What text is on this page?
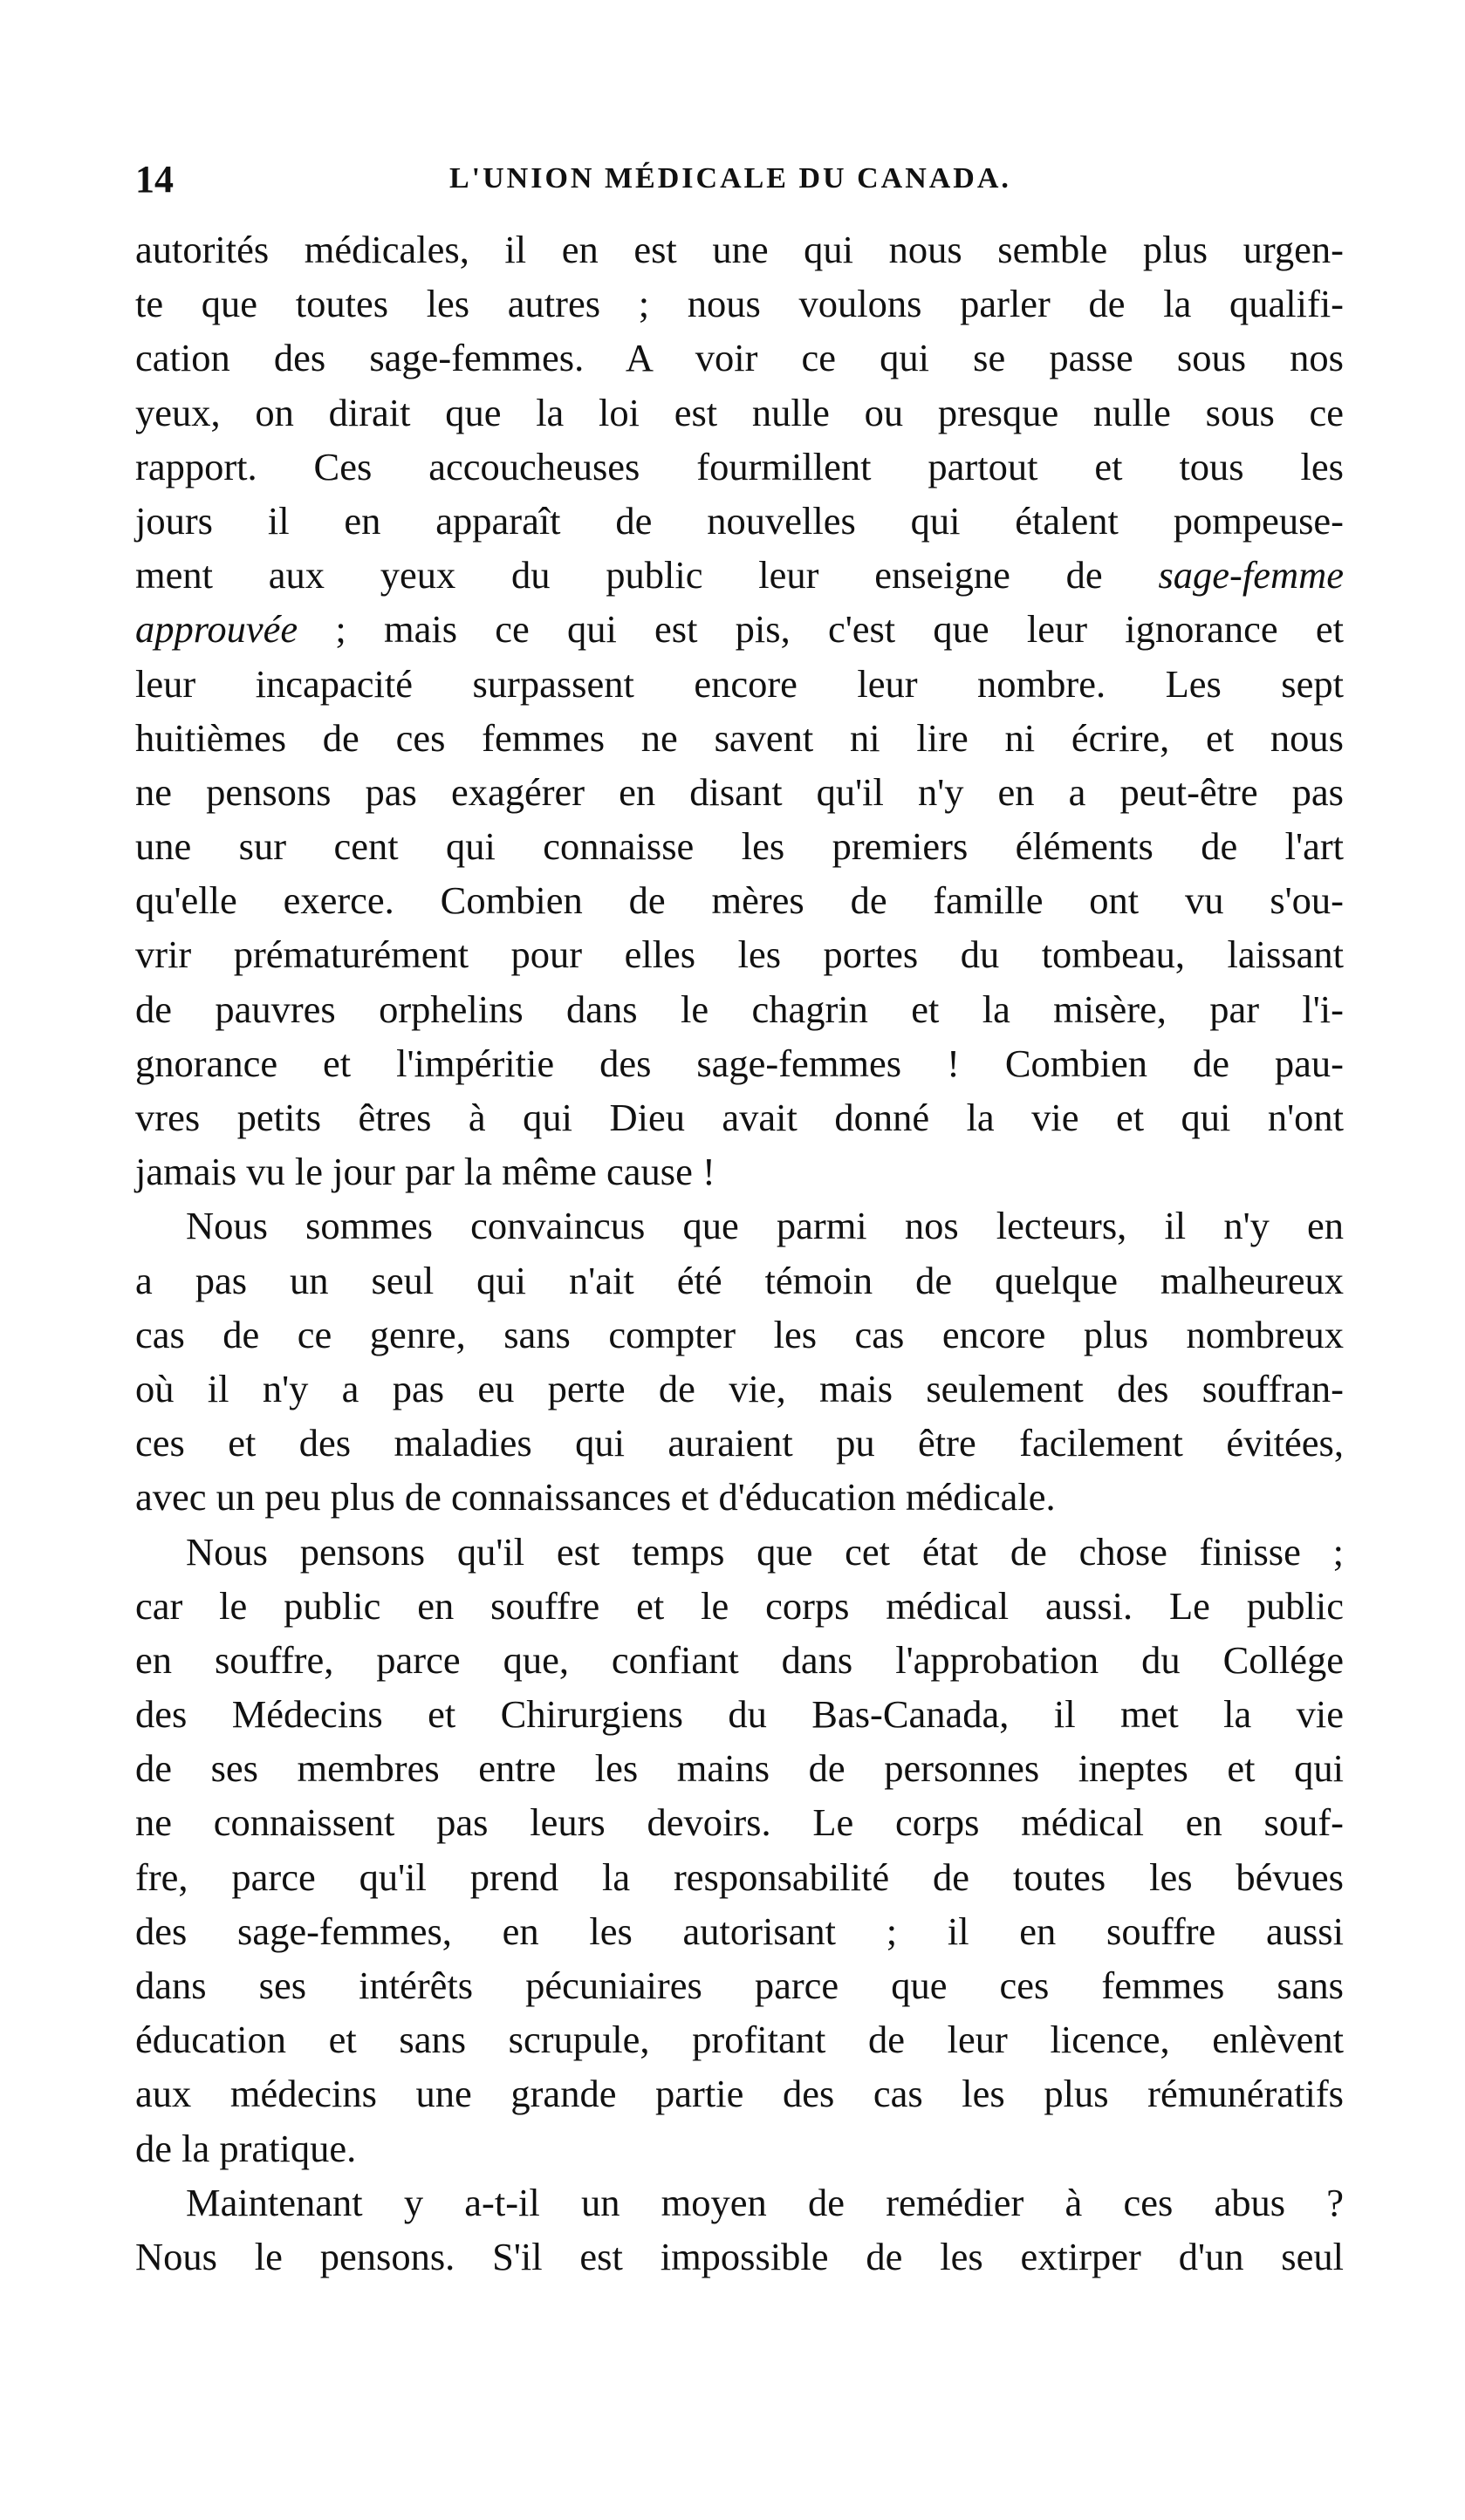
14	L'UNION MÉDICALE DU CANADA.
autorités médicales, il en est une qui nous semble plus urgen-
te que toutes les autres ; nous voulons parler de la qualifi-
cation des sage-femmes. A voir ce qui se passe sous nos
yeux, on dirait que la loi est nulle ou presque nulle sous ce
rapport. Ces accoucheuses fourmillent partout et tous les
jours il en apparaît de nouvelles qui étalent pompeuse-
ment aux yeux du public leur enseigne de sage-femme
approuvée ; mais ce qui est pis, c'est que leur ignorance et
leur incapacité surpassent encore leur nombre. Les sept
huitièmes de ces femmes ne savent ni lire ni écrire, et nous
ne pensons pas exagérer en disant qu'il n'y en a peut-être pas
une sur cent qui connaisse les premiers éléments de l'art
qu'elle exerce. Combien de mères de famille ont vu s'ou-
vrir prématurément pour elles les portes du tombeau, laissant
de pauvres orphelins dans le chagrin et la misère, par l'i-
gnorance et l'impéritie des sage-femmes ! Combien de pau-
vres petits êtres à qui Dieu avait donné la vie et qui n'ont
jamais vu le jour par la même cause !
Nous sommes convaincus que parmi nos lecteurs, il n'y en
a pas un seul qui n'ait été témoin de quelque malheureux
cas de ce genre, sans compter les cas encore plus nombreux
où il n'y a pas eu perte de vie, mais seulement des souffran-
ces et des maladies qui auraient pu être facilement évitées,
avec un peu plus de connaissances et d'éducation médicale.
Nous pensons qu'il est temps que cet état de chose finisse ;
car le public en souffre et le corps médical aussi. Le public
en souffre, parce que, confiant dans l'approbation du Collége
des Médecins et Chirurgiens du Bas-Canada, il met la vie
de ses membres entre les mains de personnes ineptes et qui
ne connaissent pas leurs devoirs. Le corps médical en souf-
fre, parce qu'il prend la responsabilité de toutes les bévues
des sage-femmes, en les autorisant ; il en souffre aussi
dans ses intérêts pécuniaires parce que ces femmes sans
éducation et sans scrupule, profitant de leur licence, enlèvent
aux médecins une grande partie des cas les plus rémunératifs
de la pratique.
Maintenant y a-t-il un moyen de remédier à ces abus ?
Nous le pensons. S'il est impossible de les extirper d'un seul
